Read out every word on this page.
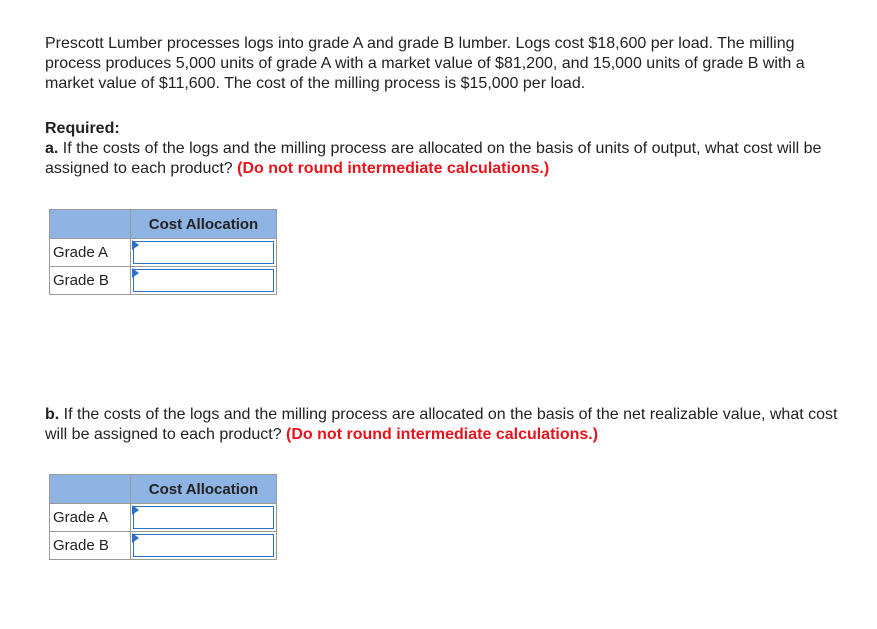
Prescott Lumber processes logs into grade A and grade B lumber. Logs cost $18,600 per load. The milling process produces 5,000 units of grade A with a market value of $81,200, and 15,000 units of grade B with a market value of $11,600. The cost of the milling process is $15,000 per load.

Required:

a. If the costs of the logs and the milling process are allocated on the basis of units of output, what cost will be assigned to each product? (Do not round intermediate calculations.)

	Cost Allocation
Grade A	

Grade B	

b. If the costs of the logs and the milling process are allocated on the basis of the net realizable value, what cost will be assigned to each product? (Do not round intermediate calculations.)

	Cost Allocation
Grade A	

Grade B	
